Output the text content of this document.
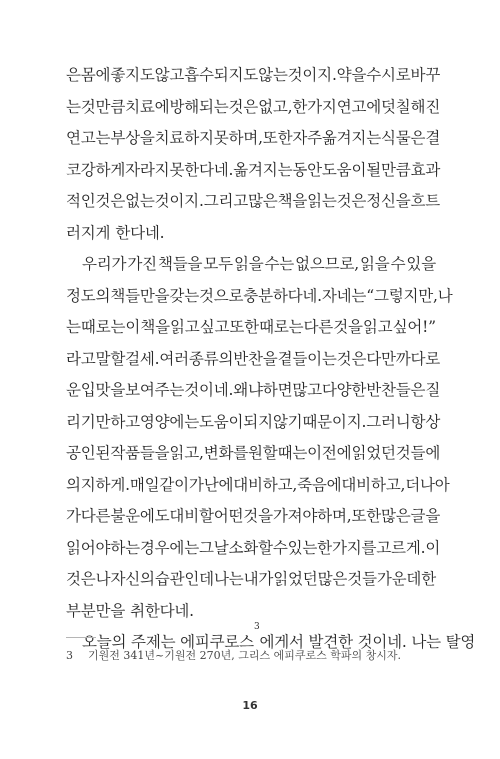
은 몸에 좋지도 않고 흡수되지도 않는 것이지. 약을 수시로 바꾸
는 것만큼 치료에 방해되는 것은 없고, 한 가지 연고에 덧칠해진
연고는 부상을 치료하지 못하며, 또한 자주 옮겨지는 식물은 결
코 강하게 자라지 못한다네. 옮겨지는 동안 도움이 될 만큼 효과
적인 것은 없는 것이지. 그리고 많은 책을 읽는 것은 정신을 흐트
러지게 한다네.
우리가 가진 책들을 모두 읽을 수는 없으므로, 읽을 수 있을
정도의 책들만을 갖는 것으로 충분하다네. 자네는 “그렇지만, 나
는 때로는 이 책을 읽고 싶고 또한 때로는 다른 것을 읽고 싶어!”
라고 말할 걸세. 여러 종류의 반찬을 곁들이는 것은 다만 까다로
운 입맛을 보여 주는 것이네. 왜냐하면 많고 다양한 반찬들은 질
리기만 하고 영양에는 도움이 되지 않기 때문이지. 그러니 항상
공인된 작품들을 읽고, 변화를 원할 때는 이전에 읽었던 것들에
의지하게. 매일같이 가난에 대비하고, 죽음에 대비하고, 더 나아
가 다른 불운에도 대비할 어떤 것을 가져야 하며, 또한 많은 글을
읽어야 하는 경우에는 그날 소화할 수 있는 한 가지를 고르게. 이
것은 나 자신의 습관인데 나는 내가 읽었던 많은 것들 가운데 한
부분만을 취한다네.
오늘의 주제는 에피쿠로스
3
에게서 발견한 것이네. 나는 탈영
3 기원전 341년~기원전 270년, 그리스 에피쿠로스 학파의 창시자.
16
